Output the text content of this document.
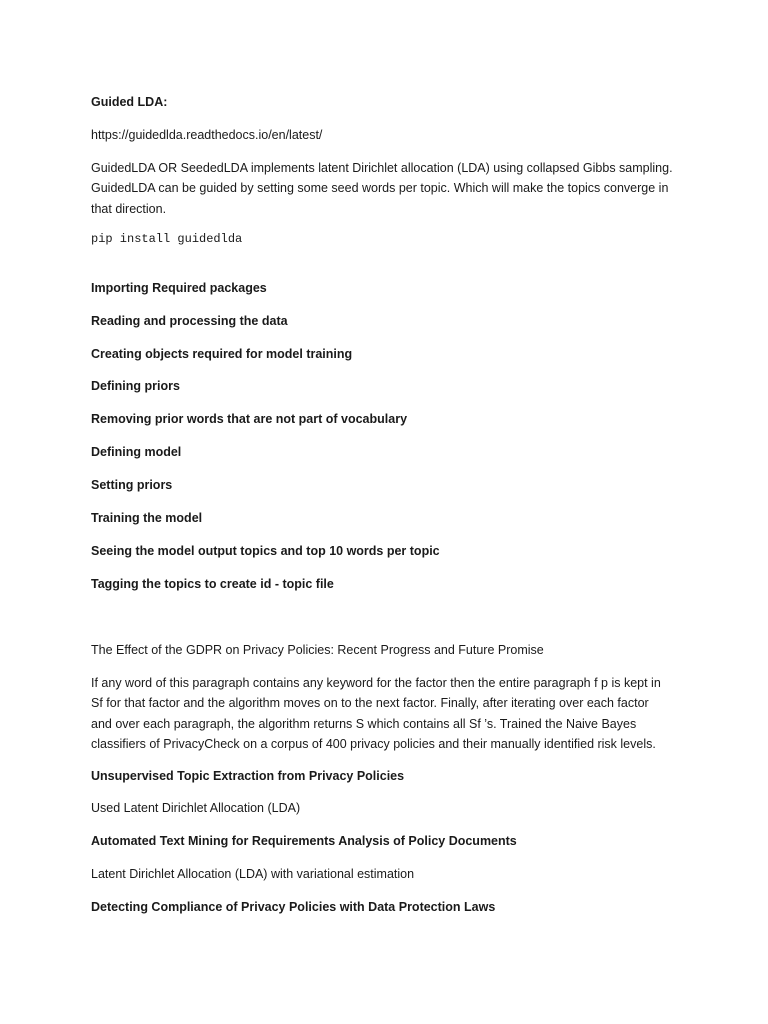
Guided LDA:

https://guidedlda.readthedocs.io/en/latest/

GuidedLDA OR SeededLDA implements latent Dirichlet allocation (LDA) using collapsed Gibbs sampling.
GuidedLDA can be guided by setting some seed words per topic. Which will make the topics converge in
that direction.

pip install guidedlda

Importing Required packages

Reading and processing the data

Creating objects required for model training

Defining priors

Removing prior words that are not part of vocabulary

Defining model

Setting priors

Training the model

Seeing the model output topics and top 10 words per topic

Tagging the topics to create id - topic file

The Effect of the GDPR on Privacy Policies: Recent Progress and Future Promise

If any word of this paragraph contains any keyword for the factor then the entire paragraph f p is kept in
Sf for that factor and the algorithm moves on to the next factor. Finally, after iterating over each factor
and over each paragraph, the algorithm returns S which contains all Sf ’s. Trained the Naive Bayes
classifiers of PrivacyCheck on a corpus of 400 privacy policies and their manually identified risk levels.

Unsupervised Topic Extraction from Privacy Policies

Used Latent Dirichlet Allocation (LDA)

Automated Text Mining for Requirements Analysis of Policy Documents

Latent Dirichlet Allocation (LDA) with variational estimation

Detecting Compliance of Privacy Policies with Data Protection Laws
